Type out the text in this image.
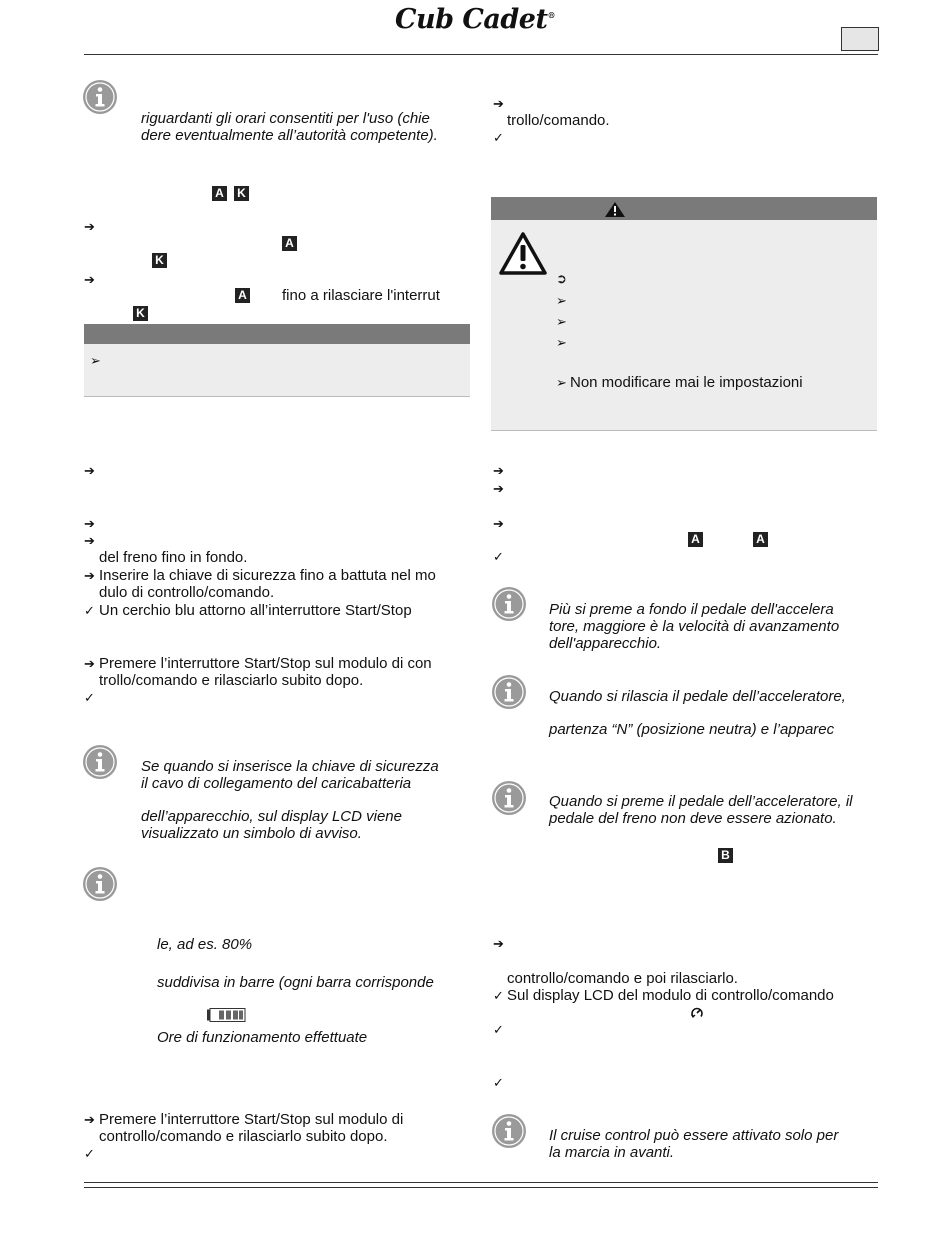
Cub Cadet®
riguardanti gli orari consentiti per l'uso (chie
dere eventualmente all’autorità competente).
A K
➔
A
K
➔
A fino a rilasciare l'interrut
K
➢
➔
➔
➔
del freno fino in fondo.
➔ Inserire la chiave di sicurezza fino a battuta nel mo
dulo di controllo/comando.
✓ Un cerchio blu attorno all’interruttore Start/Stop
➔ Premere l’interruttore Start/Stop sul modulo di con
trollo/comando e rilasciarlo subito dopo.
✓
Se quando si inserisce la chiave di sicurezza
il cavo di collegamento del caricabatteria
dell’apparecchio, sul display LCD viene
visualizzato un simbolo di avviso.
le, ad es. 80%
suddivisa in barre (ogni barra corrisponde
Ore di funzionamento effettuate
➔ Premere l’interruttore Start/Stop sul modulo di
controllo/comando e rilasciarlo subito dopo.
✓
➔
trollo/comando.
✓
➲
➢
➢
➢
➢ Non modificare mai le impostazioni
➔
➔
➔
A	A
✓
Più si preme a fondo il pedale dell'accelera
tore, maggiore è la velocità di avanzamento
dell'apparecchio.
Quando si rilascia il pedale dell’acceleratore,
partenza “N” (posizione neutra) e l’apparec
Quando si preme il pedale dell’acceleratore, il
pedale del freno non deve essere azionato.
B
➔
controllo/comando e poi rilasciarlo.
✓ Sul display LCD del modulo di controllo/comando
✓
✓
Il cruise control può essere attivato solo per
la marcia in avanti.
